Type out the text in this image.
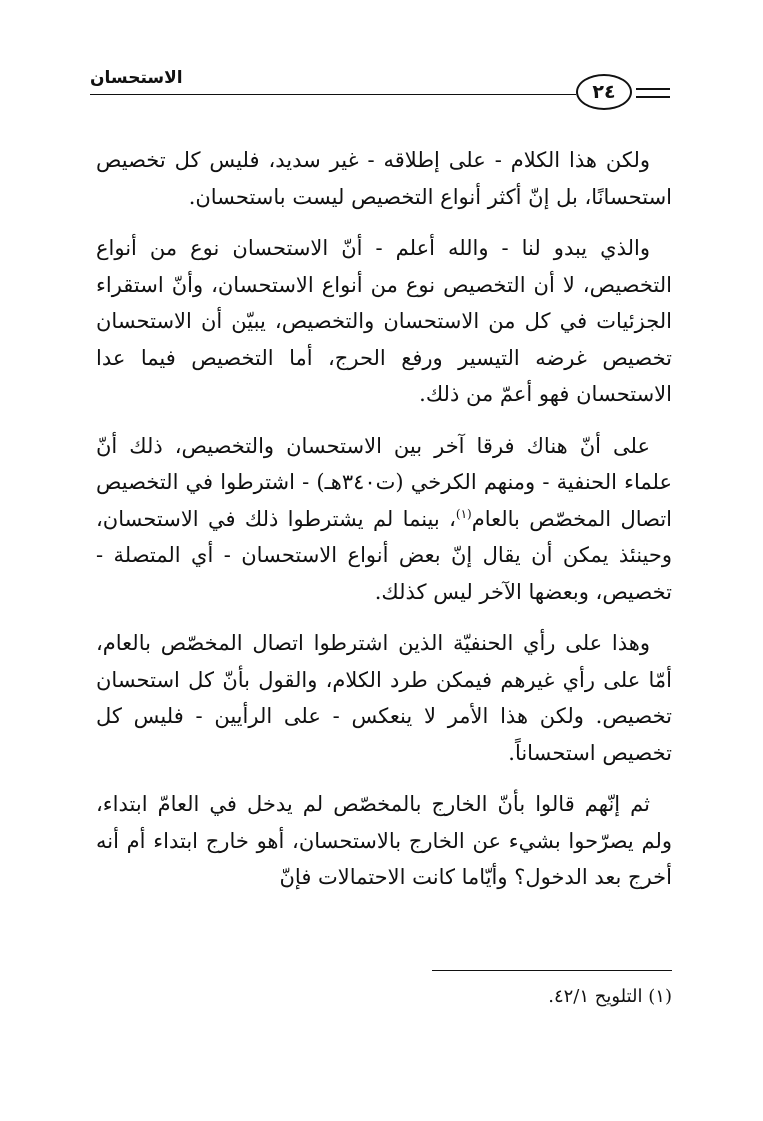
الاستحسان
٢٤

ولكن هذا الكلام - على إطلاقه - غير سديد، فليس كل تخصيص استحسانًا، بل إنّ أكثر أنواع التخصيص ليست باستحسان.

والذي يبدو لنا - والله أعلم - أنّ الاستحسان نوع من أنواع التخصيص، لا أن التخصيص نوع من أنواع الاستحسان، وأنّ استقراء الجزئيات في كل من الاستحسان والتخصيص، يبيّن أن الاستحسان تخصيص غرضه التيسير ورفع الحرج، أما التخصيص فيما عدا الاستحسان فهو أعمّ من ذلك.

على أنّ هناك فرقا آخر بين الاستحسان والتخصيص، ذلك أنّ علماء الحنفية - ومنهم الكرخي (ت٣٤٠هـ) - اشترطوا في التخصيص اتصال المخصّص بالعام$^{(١)}$، بينما لم يشترطوا ذلك في الاستحسان، وحينئذ يمكن أن يقال إنّ بعض أنواع الاستحسان - أي المتصلة - تخصيص، وبعضها الآخر ليس كذلك.

وهذا على رأي الحنفيّة الذين اشترطوا اتصال المخصّص بالعام، أمّا على رأي غيرهم فيمكن طرد الكلام، والقول بأنّ كل استحسان تخصيص. ولكن هذا الأمر لا ينعكس - على الرأيين - فليس كل تخصيص استحساناً.

ثم إنّهم قالوا بأنّ الخارج بالمخصّص لم يدخل في العامّ ابتداء، ولم يصرّحوا بشيء عن الخارج بالاستحسان، أهو خارج ابتداء أم أنه أخرج بعد الدخول؟ وأيّاما كانت الاحتمالات فإنّ

(١) التلويح ٤٢/١.
